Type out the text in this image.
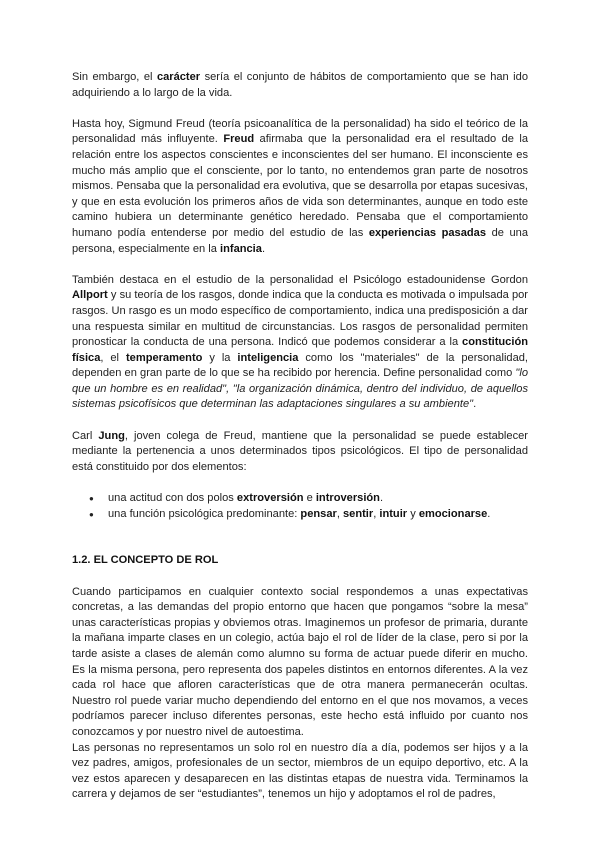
Sin embargo, el carácter sería el conjunto de hábitos de comportamiento que se han ido adquiriendo a lo largo de la vida.

Hasta hoy, Sigmund Freud (teoría psicoanalítica de la personalidad) ha sido el teórico de la personalidad más influyente. Freud afirmaba que la personalidad era el resultado de la relación entre los aspectos conscientes e inconscientes del ser humano. El inconsciente es mucho más amplio que el consciente, por lo tanto, no entendemos gran parte de nosotros mismos. Pensaba que la personalidad era evolutiva, que se desarrolla por etapas sucesivas, y que en esta evolución los primeros años de vida son determinantes, aunque en todo este camino hubiera un determinante genético heredado. Pensaba que el comportamiento humano podía entenderse por medio del estudio de las experiencias pasadas de una persona, especialmente en la infancia.

También destaca en el estudio de la personalidad el Psicólogo estadounidense Gordon Allport y su teoría de los rasgos, donde indica que la conducta es motivada o impulsada por rasgos. Un rasgo es un modo específico de comportamiento, indica una predisposición a dar una respuesta similar en multitud de circunstancias. Los rasgos de personalidad permiten pronosticar la conducta de una persona. Indicó que podemos considerar a la constitución física, el temperamento y la inteligencia como los "materiales" de la personalidad, dependen en gran parte de lo que se ha recibido por herencia. Define personalidad como "lo que un hombre es en realidad", "la organización dinámica, dentro del individuo, de aquellos sistemas psicofísicos que determinan las adaptaciones singulares a su ambiente".

Carl Jung, joven colega de Freud, mantiene que la personalidad se puede establecer mediante la pertenencia a unos determinados tipos psicológicos. El tipo de personalidad está constituido por dos elementos:

● una actitud con dos polos extroversión e introversión.
● una función psicológica predominante: pensar, sentir, intuir y emocionarse.
1.2. EL CONCEPTO DE ROL

Cuando participamos en cualquier contexto social respondemos a unas expectativas concretas, a las demandas del propio entorno que hacen que pongamos “sobre la mesa” unas características propias y obviemos otras. Imaginemos un profesor de primaria, durante la mañana imparte clases en un colegio, actúa bajo el rol de líder de la clase, pero si por la tarde asiste a clases de alemán como alumno su forma de actuar puede diferir en mucho. Es la misma persona, pero representa dos papeles distintos en entornos diferentes. A la vez cada rol hace que afloren características que de otra manera permanecerán ocultas. Nuestro rol puede variar mucho dependiendo del entorno en el que nos movamos, a veces podríamos parecer incluso diferentes personas, este hecho está influido por cuanto nos conozcamos y por nuestro nivel de autoestima.

Las personas no representamos un solo rol en nuestro día a día, podemos ser hijos y a la vez padres, amigos, profesionales de un sector, miembros de un equipo deportivo, etc. A la vez estos aparecen y desaparecen en las distintas etapas de nuestra vida. Terminamos la carrera y dejamos de ser “estudiantes”, tenemos un hijo y adoptamos el rol de padres,
